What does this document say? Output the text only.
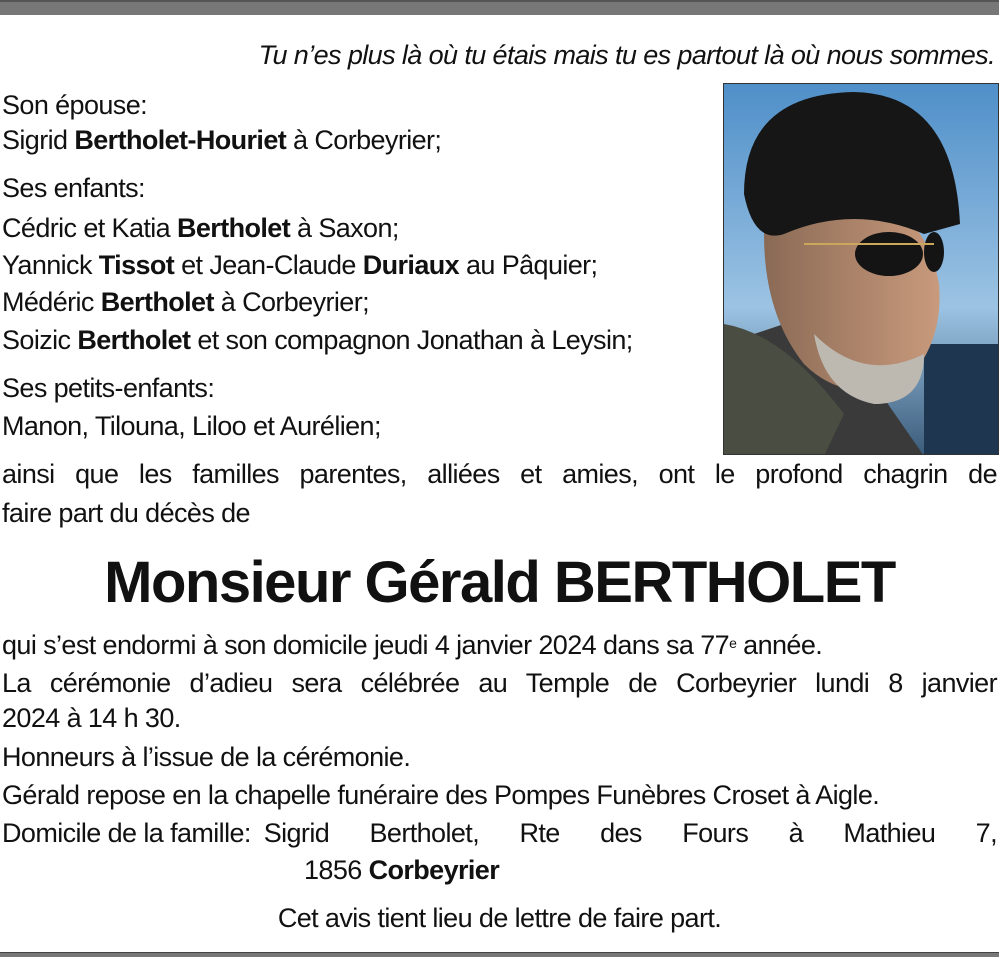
Tu n’es plus là où tu étais mais tu es partout là où nous sommes.
Son épouse:
Sigrid Bertholet-Houriet à Corbeyrier;
Ses enfants:
Cédric et Katia Bertholet à Saxon;
Yannick Tissot et Jean-Claude Duriaux au Pâquier;
Médéric Bertholet à Corbeyrier;
Soizic Bertholet et son compagnon Jonathan à Leysin;
Ses petits-enfants:
Manon, Tilouna, Liloo et Aurélien;
ainsi que les familles parentes, alliées et amies, ont le profond chagrin de
faire part du décès de
Monsieur Gérald BERTHOLET
qui s’est endormi à son domicile jeudi 4 janvier 2024 dans sa 77e année.
La cérémonie d’adieu sera célébrée au Temple de Corbeyrier lundi 8 janvier
2024 à 14 h 30.
Honneurs à l’issue de la cérémonie.
Gérald repose en la chapelle funéraire des Pompes Funèbres Croset à Aigle.
Domicile de la famille: Sigrid Bertholet, Rte des Fours à Mathieu 7,
1856 Corbeyrier
Cet avis tient lieu de lettre de faire part.
